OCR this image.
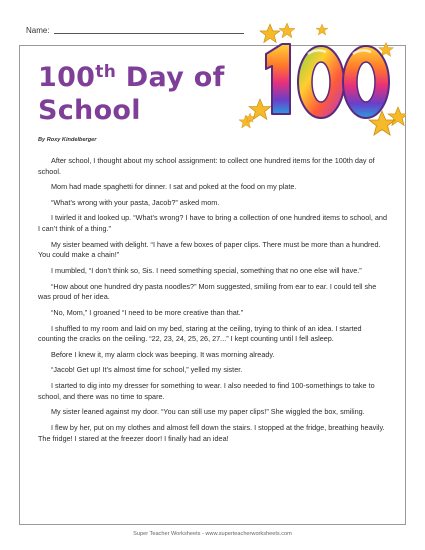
Name:
100th Day of
School
By Roxy Kindelberger

After school, I thought about my school assignment: to collect one hundred items for the 100th day of school.

Mom had made spaghetti for dinner. I sat and poked at the food on my plate.

“What’s wrong with your pasta, Jacob?” asked mom.

I twirled it and looked up. “What’s wrong? I have to bring a collection of one hundred items to school, and I can’t think of a thing.”

My sister beamed with delight. “I have a few boxes of paper clips. There must be more than a hundred. You could make a chain!”

I mumbled, “I don’t think so, Sis. I need something special, something that no one else will have.”

“How about one hundred dry pasta noodles?” Mom suggested, smiling from ear to ear. I could tell she was proud of her idea.

“No, Mom,” I groaned “I need to be more creative than that.”

I shuffled to my room and laid on my bed, staring at the ceiling, trying to think of an idea. I started counting the cracks on the ceiling. “22, 23, 24, 25, 26, 27...” I kept counting until I fell asleep.

Before I knew it, my alarm clock was beeping. It was morning already.

“Jacob! Get up! It’s almost time for school,” yelled my sister.

I started to dig into my dresser for something to wear. I also needed to find 100-somethings to take to school, and there was no time to spare.

My sister leaned against my door. “You can still use my paper clips!” She wiggled the box, smiling.

I flew by her, put on my clothes and almost fell down the stairs. I stopped at the fridge, breathing heavily. The fridge! I stared at the freezer door! I finally had an idea!

Super Teacher Worksheets - www.superteacherworksheets.com
